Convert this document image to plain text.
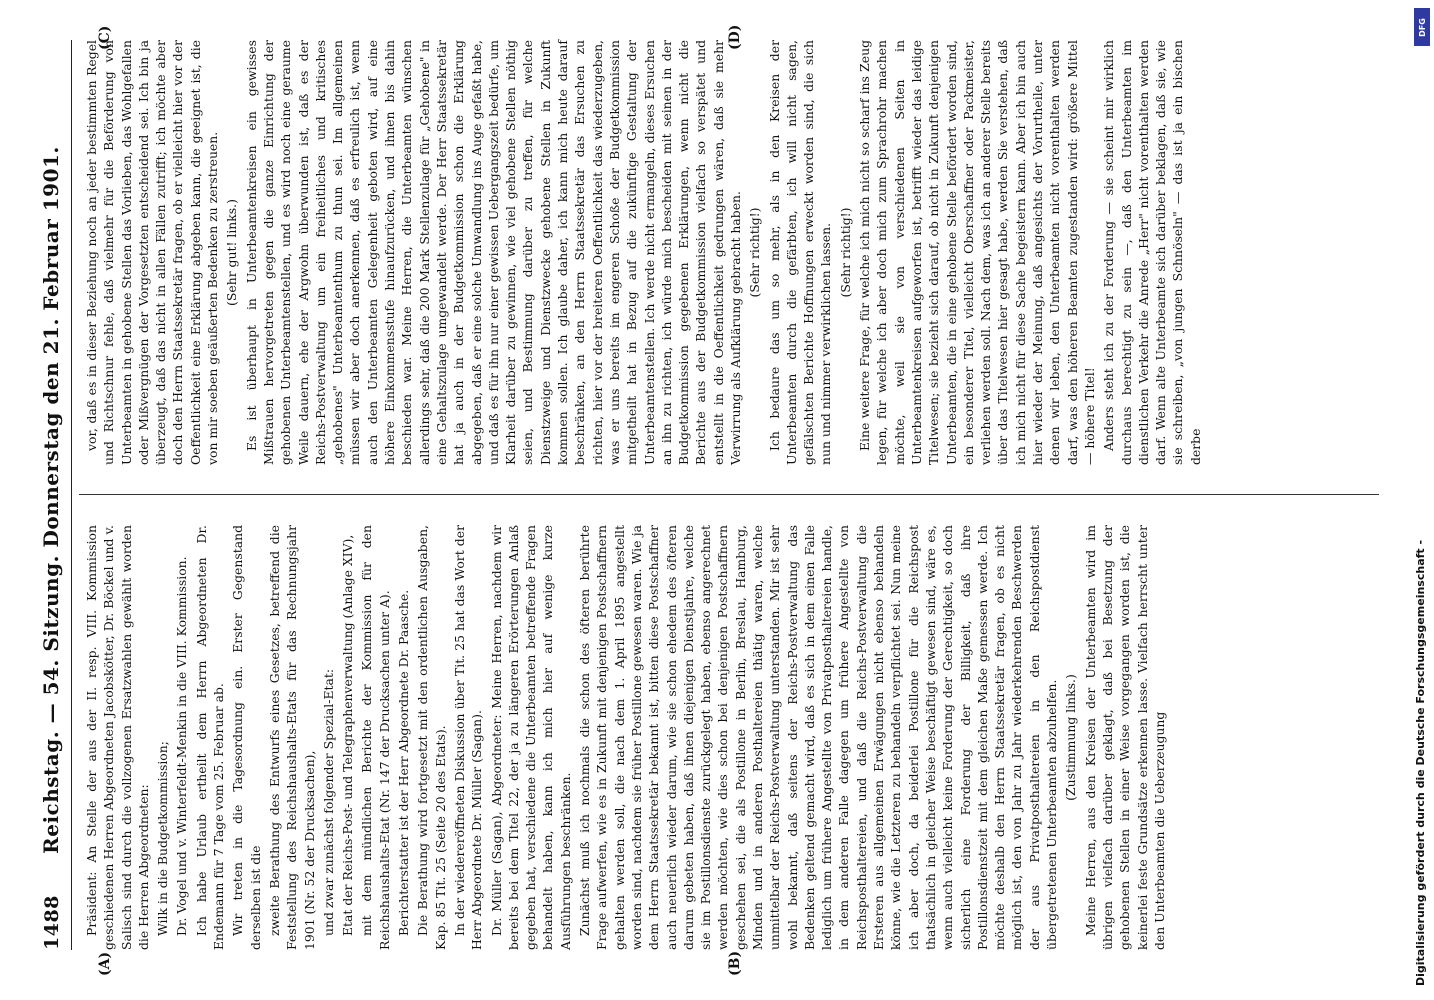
1488
Reichstag. — 54. Sitzung. Donnerstag den 21. Februar 1901.
(A)	(B)
(C)	(D)

Präsident: An Stelle der aus der II. resp. VIII. Kommission geschiedenen Herren Abgeordneten Jacobskötter, Dr. Böckel und v. Salisch sind durch die vollzogenen Ersatzwahlen gewählt worden die Herren Abgeordneten: Wilk in die Budgetkommission; Dr. Vogel und v. Winterfeldt-Menkin in die VIII. Kommission. Ich habe Urlaub ertheilt dem Herrn Abgeordneten Dr. Endemann für 7 Tage vom 25. Februar ab. Wir treten in die Tagesordnung ein. Erster Gegenstand derselben ist die zweite Berathung des Entwurfs eines Gesetzes, betreffend die Feststellung des Reichshaushalts-Etats für das Rechnungsjahr 1901 (Nr. 52 der Drucksachen), und zwar zunächst folgender Spezial-Etat: Etat der Reichs-Post- und Telegraphenverwaltung (Anlage XIV), mit dem mündlichen Berichte der Kommission für den Reichshaushalts-Etat (Nr. 147 der Drucksachen unter A). Berichterstatter ist der Herr Abgeordnete Dr. Paasche. Die Berathung wird fortgesetzt mit den ordentlichen Ausgaben, Kap. 85 Tit. 25 (Seite 20 des Etats). In der wiedereröffneten Diskussion über Tit. 25 hat das Wort der Herr Abgeordnete Dr. Müller (Sagan). Dr. Müller (Sagan), Abgeordneter: Meine Herren, nachdem wir bereits bei dem Titel 22, der ja zu längeren Erörterungen Anlaß gegeben hat, verschiedene die Unterbeamten betreffende Fragen behandelt haben, kann ich mich hier auf wenige kurze Ausführungen beschränken. Zunächst muß ich nochmals die schon des öfteren berührte Frage aufwerfen, wie es in Zukunft mit denjenigen Postschaffnern gehalten werden soll, die nach dem 1. April 1895 angestellt worden sind, nachdem sie früher Postillone gewesen waren. Wie ja dem Herrn Staatssekretär bekannt ist, bitten diese Postschaffner auch neuerlich wieder darum, wie sie schon ehedem des öfteren darum gebeten haben, daß ihnen diejenigen Dienstjahre, welche sie im Postillonsdienste zurückgelegt haben, ebenso angerechnet werden möchten, wie dies schon bei denjenigen Postschaffnern geschehen sei, die als Postillone in Berlin, Breslau, Hamburg, Minden und in anderen Posthaltereien thätig waren, welche unmittelbar der Reichs-Postverwaltung unterstanden. Mir ist sehr wohl bekannt, daß seitens der Reichs-Postverwaltung das Bedenken geltend gemacht wird, daß es sich in dem einen Falle lediglich um frühere Angestellte von Privatposthaltereien handle, in dem anderen Falle dagegen um frühere Angestellte von Reichsposthaltereien, und daß die Reichs-Postverwaltung die Ersteren aus allgemeinen Erwägungen nicht ebenso behandeln könne, wie die Letzteren zu behandeln verpflichtet sei. Nun meine ich aber doch, da beiderlei Postillone für die Reichspost thatsächlich in gleicher Weise beschäftigt gewesen sind, wäre es, wenn auch vielleicht keine Forderung der Gerechtigkeit, so doch sicherlich eine Forderung der Billigkeit, daß ihre Postillonsdienstzeit mit dem gleichen Maße gemessen werde. Ich möchte deshalb den Herrn Staatssekretär fragen, ob es nicht möglich ist, den von Jahr zu Jahr wiederkehrenden Beschwerden der aus Privatposthaltereien in den Reichspostdienst übergetretenen Unterbeamten abzuhelfen. (Zustimmung links.) Meine Herren, aus den Kreisen der Unterbeamten wird im übrigen vielfach darüber geklagt, daß bei Besetzung der gehobenen Stellen in einer Weise vorgegangen worden ist, die keinerlei feste Grundsätze erkennen lasse. Vielfach herrscht unter den Unterbeamten die Ueberzeugung

vor, daß es in dieser Beziehung noch an jeder bestimmten Regel und Richtschnur fehle, daß vielmehr für die Beförderung von Unterbeamten in gehobene Stellen das Vorlieben, das Wohlgefallen oder Mißvergnügen der Vorgesetzten entscheidend sei. Ich bin ja überzeugt, daß das nicht in allen Fällen zutrifft; ich möchte aber doch den Herrn Staatssekretär fragen, ob er vielleicht hier vor der Oeffentlichkeit eine Erklärung abgeben kann, die geeignet ist, die von mir soeben geäußerten Bedenken zu zerstreuen. (Sehr gut! links.) Es ist überhaupt in Unterbeamtenkreisen ein gewisses Mißtrauen hervorgetreten gegen die ganze Einrichtung der gehobenen Unterbeamtenstellen, und es wird noch eine geraume Weile dauern, ehe der Argwohn überwunden ist, daß es der Reichs-Postverwaltung um ein freiheitliches und kritisches „gehobenes" Unterbeamtenthum zu thun sei. Im allgemeinen müssen wir aber doch anerkennen, daß es erfreulich ist, wenn auch den Unterbeamten Gelegenheit geboten wird, auf eine höhere Einkommensstufe hinaufzurücken, und ihnen bis dahin beschieden war. Meine Herren, die Unterbeamten wünschen allerdings sehr, daß die 200 Mark Stellenzulage für „Gehobene" in eine Gehaltszulage umgewandelt werde. Der Herr Staatssekretär hat ja auch in der Budgetkommission schon die Erklärung abgegeben, daß er eine solche Umwandlung ins Auge gefaßt habe, und daß es für ihn nur einer gewissen Uebergangszeit bedürfe, um Klarheit darüber zu gewinnen, wie viel gehobene Stellen nöthig seien, und Bestimmung darüber zu treffen, für welche Dienstzweige und Dienstzwecke gehobene Stellen in Zukunft kommen sollen. Ich glaube daher, ich kann mich heute darauf beschränken, an den Herrn Staatssekretär das Ersuchen zu richten, hier vor der breiteren Oeffentlichkeit das wiederzugeben, was er uns bereits im engeren Schoße der Budgetkommission mitgetheilt hat in Bezug auf die zukünftige Gestaltung der Unterbeamtenstellen. Ich werde nicht ermangeln, dieses Ersuchen an ihn zu richten, ich würde mich bescheiden mit seinen in der Budgetkommission gegebenen Erklärungen, wenn nicht die Berichte aus der Budgetkommission vielfach so verspätet und entstellt in die Oeffentlichkeit gedrungen wären, daß sie mehr Verwirrung als Aufklärung gebracht haben. (Sehr richtig!) Ich bedaure das um so mehr, als in den Kreisen der Unterbeamten durch die gefärbten, ich will nicht sagen, gefälschten Berichte Hoffnungen erweckt worden sind, die sich nun und nimmer verwirklichen lassen. (Sehr richtig!) Eine weitere Frage, für welche ich mich nicht so scharf ins Zeug legen, für welche ich aber doch mich zum Sprachrohr machen möchte, weil sie von verschiedenen Seiten in Unterbeamtenkreisen aufgeworfen ist, betrifft wieder das leidige Titelwesen; sie bezieht sich darauf, ob nicht in Zukunft denjenigen Unterbeamten, die in eine gehobene Stelle befördert worden sind, ein besonderer Titel, vielleicht Oberschaffner oder Packmeister, verliehen werden soll. Nach dem, was ich an anderer Stelle bereits über das Titelwesen hier gesagt habe, werden Sie verstehen, daß ich mich nicht für diese Sache begeistern kann. Aber ich bin auch hier wieder der Meinung, daß angesichts der Vorurtheile, unter denen wir leben, den Unterbeamten nicht vorenthalten werden darf, was den höheren Beamten zugestanden wird: größere Mittel — höhere Titel! Anders steht ich zu der Forderung — sie scheint mir wirklich durchaus berechtigt zu sein —, daß den Unterbeamten im dienstlichen Verkehr die Anrede „Herr" nicht vorenthalten werden darf. Wenn alte Unterbeamte sich darüber beklagen, daß sie, wie sie schreiben, „von jungen Schnöseln" — das ist ja ein bischen derbe

DFG
Digitalisierung gefördert durch die Deutsche Forschungsgemeinschaft -
